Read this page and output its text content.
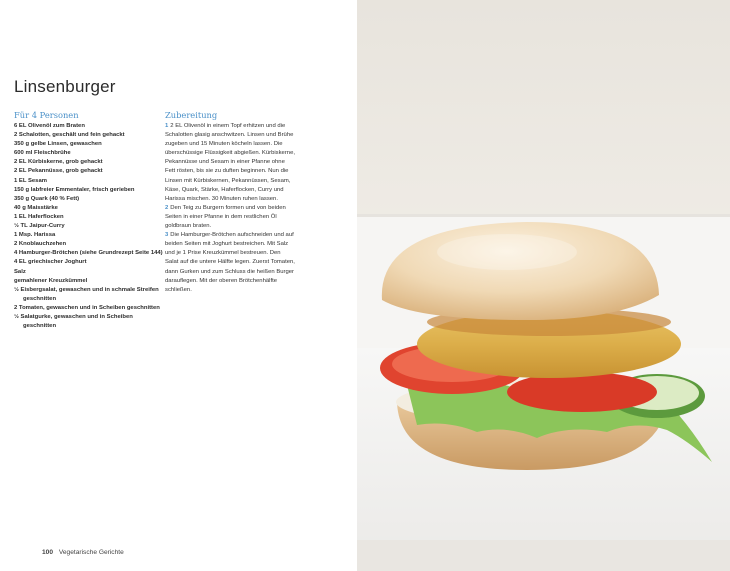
Linsenburger
Für 4 Personen
6 EL Olivenöl zum Braten
2 Schalotten, geschält und fein gehackt
350 g gelbe Linsen, gewaschen
600 ml Fleischbrühe
2 EL Kürbiskerne, grob gehackt
2 EL Pekannüsse, grob gehackt
1 EL Sesam
150 g labfreier Emmentaler, frisch gerieben
350 g Quark (40 % Fett)
40 g Maisstärke
1 EL Haferflocken
½ TL Jaipur-Curry
1 Msp. Harissa
2 Knoblauchzehen
4 Hamburger-Brötchen (siehe Grundrezept Seite 144)
4 EL griechischer Joghurt
Salz
gemahlener Kreuzkümmel
½ Eisbergsalat, gewaschen und in schmale Streifen geschnitten
2 Tomaten, gewaschen und in Scheiben geschnitten
½ Salatgurke, gewaschen und in Scheiben geschnitten
Zubereitung

1 2 EL Olivenöl in einem Topf erhitzen und die Schalotten glasig anschwitzen. Linsen und Brühe zugeben und 15 Minuten köcheln lassen. Die überschüssige Flüssigkeit abgießen. Kürbiskerne, Pekannüsse und Sesam in einer Pfanne ohne Fett rösten, bis sie zu duften beginnen. Nun die Linsen mit Kürbiskernen, Pekannüssen, Sesam, Käse, Quark, Stärke, Haferflocken, Curry und Harissa mischen. 30 Minuten ruhen lassen.

2 Den Teig zu Burgern formen und von beiden Seiten in einer Pfanne in dem restlichen Öl goldbraun braten.

3 Die Hamburger-Brötchen aufschneiden und auf beiden Seiten mit Joghurt bestreichen. Mit Salz und je 1 Prise Kreuzkümmel bestreuen. Den Salat auf die untere Hälfte legen. Zuerst Tomaten, dann Gurken und zum Schluss die heißen Burger darauflegen. Mit der oberen Brötchenhälfte schließen.

100 Vegetarische Gerichte
